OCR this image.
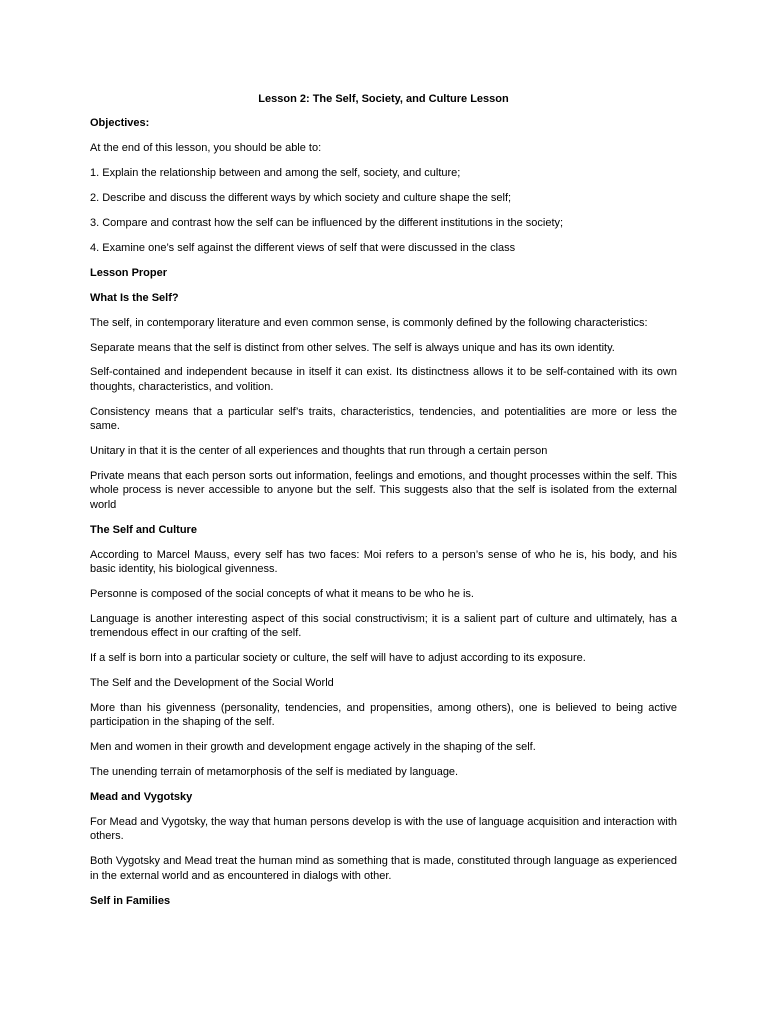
Lesson 2: The Self, Society, and Culture Lesson
Objectives:
At the end of this lesson, you should be able to:
1. Explain the relationship between and among the self, society, and culture;
2. Describe and discuss the different ways by which society and culture shape the self;
3. Compare and contrast how the self can be influenced by the different institutions in the society;
4. Examine one’s self against the different views of self that were discussed in the class
Lesson Proper
What Is the Self?
The self, in contemporary literature and even common sense, is commonly defined by the following characteristics:
Separate means that the self is distinct from other selves. The self is always unique and has its own identity.
Self-contained and independent because in itself it can exist. Its distinctness allows it to be self-contained with its own thoughts, characteristics, and volition.
Consistency means that a particular self’s traits, characteristics, tendencies, and potentialities are more or less the same.
Unitary in that it is the center of all experiences and thoughts that run through a certain person
Private means that each person sorts out information, feelings and emotions, and thought processes within the self. This whole process is never accessible to anyone but the self. This suggests also that the self is isolated from the external world
The Self and Culture
According to Marcel Mauss, every self has two faces: Moi refers to a person’s sense of who he is, his body, and his basic identity, his biological givenness.
Personne is composed of the social concepts of what it means to be who he is.
Language is another interesting aspect of this social constructivism; it is a salient part of culture and ultimately, has a tremendous effect in our crafting of the self.
If a self is born into a particular society or culture, the self will have to adjust according to its exposure.
The Self and the Development of the Social World
More than his givenness (personality, tendencies, and propensities, among others), one is believed to being active participation in the shaping of the self.
Men and women in their growth and development engage actively in the shaping of the self.
The unending terrain of metamorphosis of the self is mediated by language.
Mead and Vygotsky
For Mead and Vygotsky, the way that human persons develop is with the use of language acquisition and interaction with others.
Both Vygotsky and Mead treat the human mind as something that is made, constituted through language as experienced in the external world and as encountered in dialogs with other.
Self in Families
